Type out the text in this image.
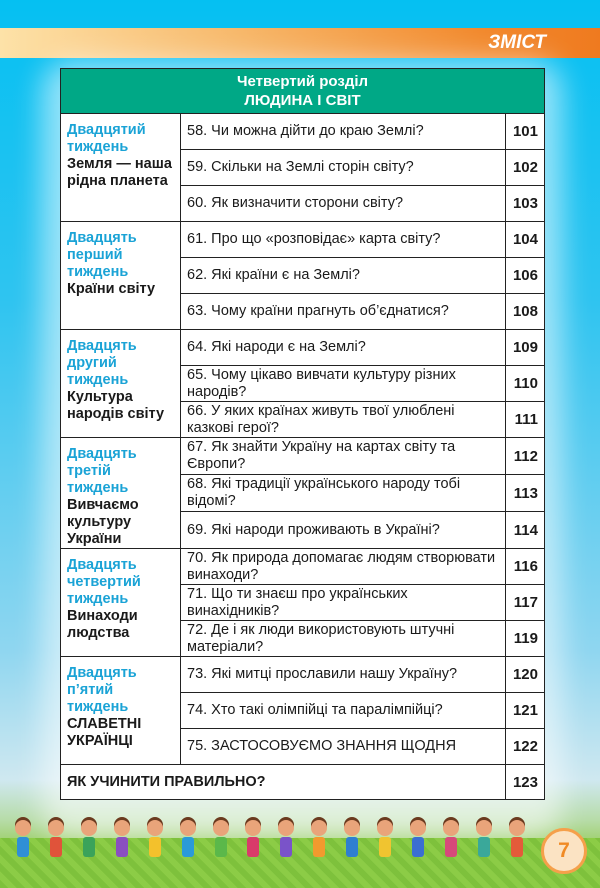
ЗМІСТ
Четвертий розділ
ЛЮДИНА І СВІТ		

Двадцятий тиждень
Земля — наша рідна планета	58. Чи можна дійти до краю Землі?	101
	59. Скільки на Землі сторін світу?	102
	60. Як визначити сторони світу?	103

Двадцять перший тиждень
Країни світу	61. Про що «розповідає» карта світу?	104
	62. Які країни є на Землі?	106
	63. Чому країни прагнуть об’єднатися?	108

Двадцять другий тиждень
Культура народів світу	64. Які народи є на Землі?	109
	65. Чому цікаво вивчати культуру різних народів?	110
	66. У яких країнах живуть твої улюблені казкові герої?	111

Двадцять третій тиждень
Вивчаємо культуру України	67. Як знайти Україну на картах світу та Європи?	112
	68. Які традиції українського народу тобі відомі?	113
	69. Які народи проживають в Україні?	114

Двадцять четвертий тиждень
Винаходи людства	70. Як природа допомагає людям створювати винаходи?	116
	71. Що ти знаєш про українських винахідників?	117
	72. Де і як люди використовують штучні матеріали?	119

Двадцять п’ятий тиждень
СЛАВЕТНІ УКРАЇНЦІ	73. Які митці прославили нашу Україну?	120
	74. Хто такі олімпійці та паралімпійці?	121
	75. ЗАСТОСОВУЄМО ЗНАННЯ ЩОДНЯ	122
ЯК УЧИНИТИ ПРАВИЛЬНО?		123
7
